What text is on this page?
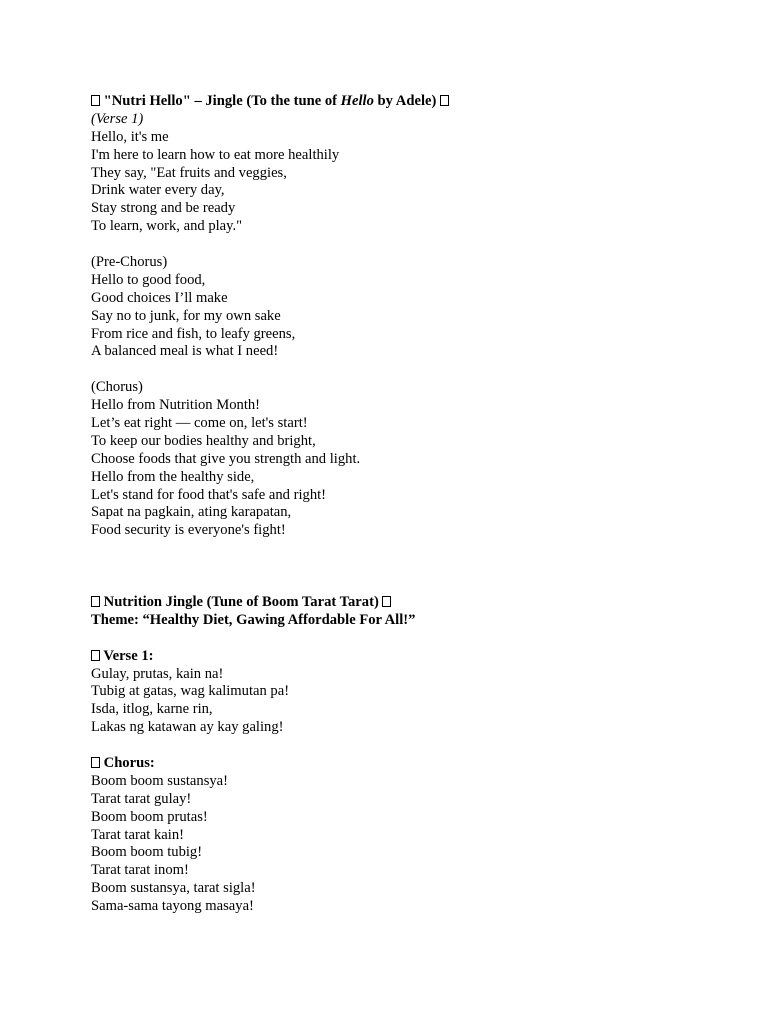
"Nutri Hello" – Jingle (To the tune of Hello by Adele)
(Verse 1)
Hello, it's me
I'm here to learn how to eat more healthily
They say, "Eat fruits and veggies,
Drink water every day,
Stay strong and be ready
To learn, work, and play."
(Pre-Chorus)
Hello to good food,
Good choices I’ll make
Say no to junk, for my own sake
From rice and fish, to leafy greens,
A balanced meal is what I need!
(Chorus)
Hello from Nutrition Month!
Let’s eat right — come on, let's start!
To keep our bodies healthy and bright,
Choose foods that give you strength and light.
Hello from the healthy side,
Let's stand for food that's safe and right!
Sapat na pagkain, ating karapatan,
Food security is everyone's fight!
Nutrition Jingle (Tune of Boom Tarat Tarat)
Theme: “Healthy Diet, Gawing Affordable For All!”
Verse 1:
Gulay, prutas, kain na!
Tubig at gatas, wag kalimutan pa!
Isda, itlog, karne rin,
Lakas ng katawan ay kay galing!
Chorus:
Boom boom sustansya!
Tarat tarat gulay!
Boom boom prutas!
Tarat tarat kain!
Boom boom tubig!
Tarat tarat inom!
Boom sustansya, tarat sigla!
Sama-sama tayong masaya!
